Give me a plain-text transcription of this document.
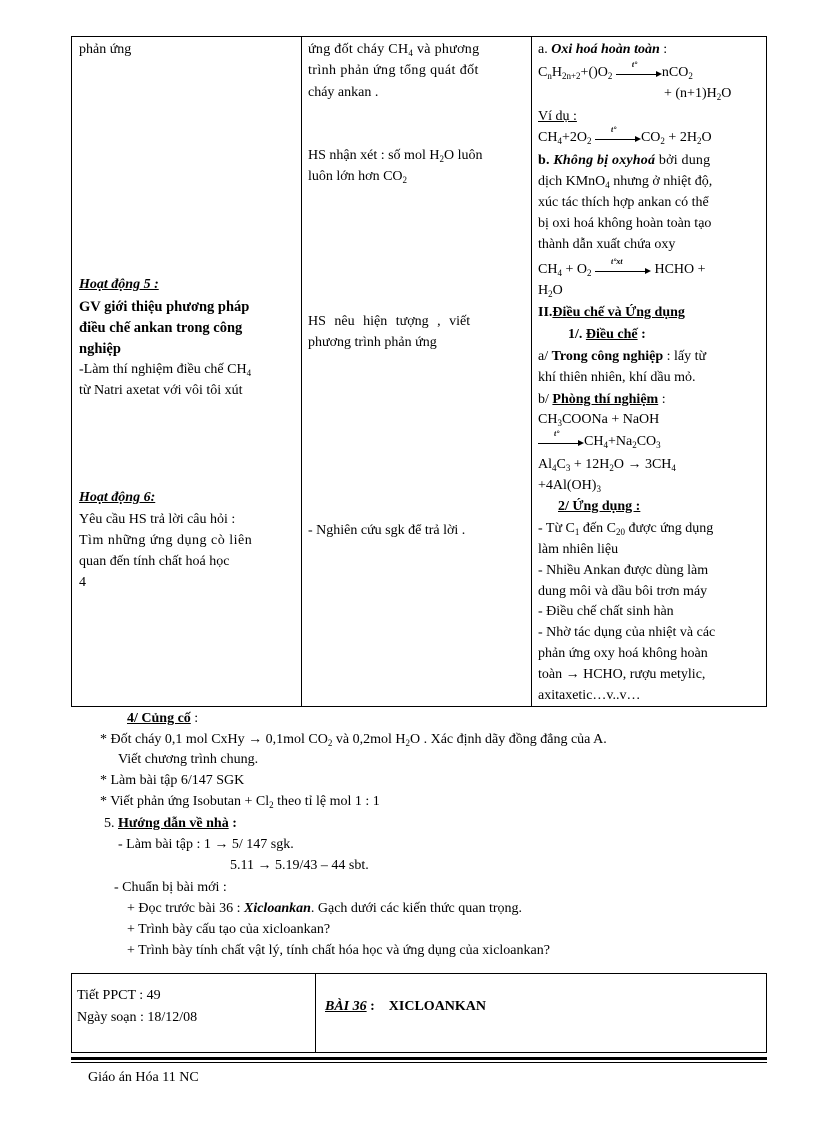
phản ứng
Hoạt động 5 :
GV giới thiệu phương pháp
điều chế ankan trong công
nghiệp
-Làm thí nghiệm điều chế $CH_4$
từ Natri axetat với vôi tôi xút
Hoạt động 6:
Yêu cầu HS trả lời câu hỏi :
Tìm những ứng dụng cò liên
quan đến tính chất hoá học
4
ứng đốt cháy $CH_4$ và phương
trình phản ứng tổng quát đốt
cháy ankan .
HS nhận xét : số mol $H_2O$ luôn
luôn lớn hơn $CO_2$
HS nêu hiện tượng , viết
phương trình phản ứng
- Nghiên cứu sgk để trả lời .
a. Oxi hoá hoàn toàn :
$C_nH_{2n+2}+()O_2$
t°
nCO$_2$
+ $(n+1)H_2O$
Ví dụ :
$CH_4+2O_2$
t°
$CO_2 + 2H_2O$
b. Không bị oxyhoá bởi dung
dịch KMnO$_4$ nhưng ở nhiệt độ,
xúc tác thích hợp ankan có thể
bị oxi hoá không hoàn toàn tạo
thành dẫn xuất chứa oxy
$CH_4 + O_2$
t°xt
HCHO +
$H_2O$
II.Điều chế và Ứng dụng
1/. Điều chế :
a/ Trong công nghiệp : lấy từ
khí thiên nhiên, khí dầu mỏ.
b/ Phòng thí nghiệm :
$CH_3COONa$ + NaOH
t°
$CH_4+Na_2CO_3$
$Al_4C_3 + 12H_2O \to 3CH_4$
$+4Al(OH)_3$
2/ Ứng dụng :
- Từ $C_1$ đến $C_{20}$ được ứng dụng
làm nhiên liệu
- Nhiều Ankan được dùng làm
dung môi và dầu bôi trơn máy
- Điều chế chất sinh hàn
- Nhờ tác dụng của nhiệt và các
phản ứng oxy hoá không hoàn
toàn → HCHO, rượu metylic,
axitaxetic…v..v…
4/ Củng cố :
* Đốt cháy 0,1 mol CxHy → 0,1mol $CO_2$ và 0,2mol $H_2O$ . Xác định dãy đồng đẳng của A.
Viết chương trình chung.
* Làm bài tập 6/147 SGK
* Viết phản ứng Isobutan + $Cl_2$ theo tỉ lệ mol 1 : 1
5. Hướng dẫn về nhà :
- Làm bài tập : 1 → 5/ 147 sgk.
5.11 → 5.19/43 – 44 sbt.
- Chuẩn bị bài mới :
+ Đọc trước bài 36 : Xicloankan. Gạch dưới các kiến thức quan trọng.
+ Trình bày cấu tạo của xicloankan?
+ Trình bày tính chất vật lý, tính chất hóa học và ứng dụng của xicloankan?
Tiết PPCT : 49
Ngày soạn : 18/12/08
BÀI 36 : XICLOANKAN
Giáo án Hóa 11 NC
